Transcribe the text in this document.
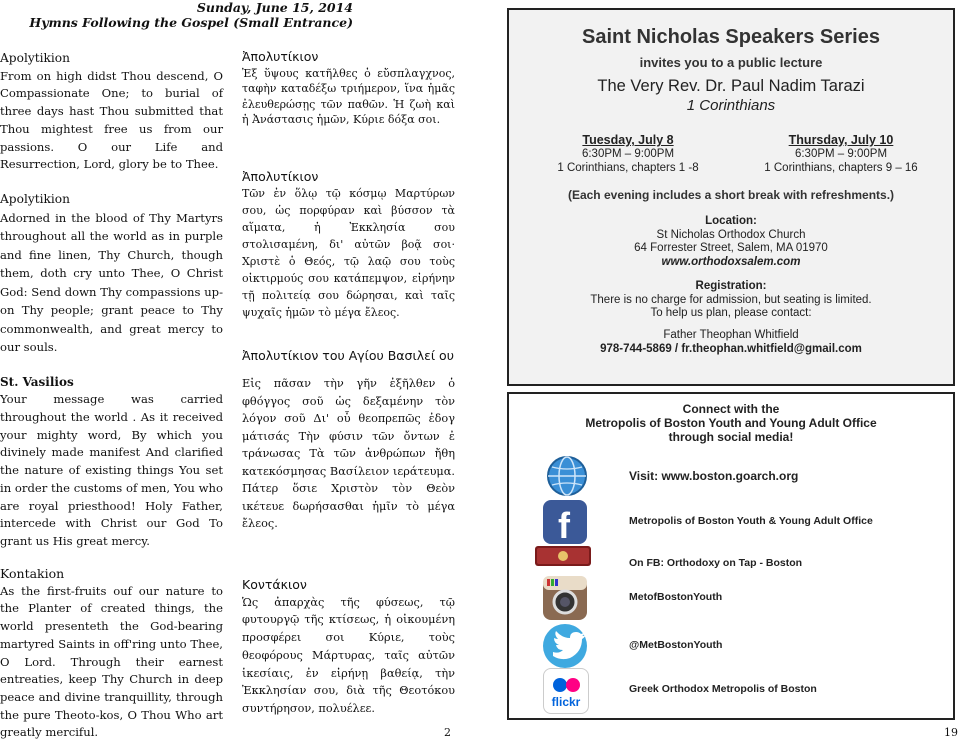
Sunday, June 15, 2014
Hymns Following the Gospel (Small Entrance)

Apolytikion

From on high didst Thou descend, O Compassionate One; to burial of three days hast Thou submitted that Thou mightest free us from our passions. O our Life and Resurrection, Lord, glory be to Thee.

Apolytikion

Adorned in the blood of Thy Martyrs throughout all the world as in purple and fine linen, Thy Church, though them, doth cry unto Thee, O Christ God: Send down Thy compassions up-on Thy people; grant peace to Thy commonwealth, and great mercy to our souls.

St. Vasilios

Your message was carried throughout the world . As it received your mighty word, By which you divinely made manifest And clarified the nature of existing things You set in order the customs of men, You who are royal priesthood! Holy Father, intercede with Christ our God To grant us His great mercy.

Kontakion

As the first-fruits ouf our nature to the Planter of created things, the world presenteth the God-bearing martyred Saints in off'ring unto Thee, O Lord. Through their earnest entreaties, keep Thy Church in deep peace and divine tranquillity, through the pure Theoto-kos, O Thou Who art greatly merciful.

Ἀπολυτίκιον

Ἐξ ὕψους κατῆλθες ὁ εὔσπλαγχνος, ταφὴν καταδέξω τριήμερον, ἵνα ἡμᾶς ἐλευθερώσῃς τῶν παθῶν. Ἡ ζωὴ καὶ ἡ Ἀνάστασις ἡμῶν, Κύριε δόξα σοι.

Ἀπολυτίκιον

Τῶν ἐν ὅλῳ τῷ κόσμῳ Μαρτύρων σου, ὡς πορφύραν καὶ βύσσον τὰ αἵματα, ἡ Ἐκκλησία σου στολισαμένη, δι' αὐτῶν βοᾷ σοι· Χριστὲ ὁ Θεός, τῷ λαῷ σου τοὺς οἰκτιρμούς σου κατάπεμψον, εἰρήνην τῇ πολιτείᾳ σου δώρησαι, καὶ ταῖς ψυχαῖς ἡμῶν τὸ μέγα ἔλεος.

Ἀπολυτίκιον του Αγίου Βασιλεί ου

Εἰς πᾶσαν τὴν γῆν ἐξῆλθεν ὁ φθόγγος σοῦ ὡς δεξαμένην τὸν λόγον σοῦ Δι' οὗ θεοπρεπῶς ἐδογ μάτισάς Τὴν φύσιν τῶν ὄντων ἐ τράνωσας Τὰ τῶν ἀνθρώπων ἤθη κατεκόσμησας Βασίλειον ιεράτευμα. Πάτερ ὅσιε Χριστὸν τὸν Θεὸν ικέτευε δωρήσασθαι ἡμῖν τὸ μέγα ἔλεος.

Κοντάκιον

Ὡς ἀπαρχὰς τῆς φύσεως, τῷ φυτουργῷ τῆς κτίσεως, ἡ οἰκουμένη προσφέρει σοι Κύριε, τοὺς θεοφόρους Μάρτυρας, ταῖς αὐτῶν ἱκεσίαις, ἐν εἰρήνῃ βαθείᾳ, τὴν Ἐκκλησίαν σου, διὰ τῆς Θεοτόκου συντήρησον, πολυέλεε.

Saint Nicholas Speakers Series
invites you to a public lecture
The Very Rev. Dr. Paul Nadim Tarazi
1 Corinthians
Tuesday, July 8
6:30PM – 9:00PM
1 Corinthians, chapters 1 -8
Thursday, July 10
6:30PM – 9:00PM
1 Corinthians, chapters 9 – 16
(Each evening includes a short break with refreshments.)
Location:
St Nicholas Orthodox Church
64 Forrester Street, Salem, MA 01970
www.orthodoxsalem.com
Registration:
There is no charge for admission, but seating is limited.
To help us plan, please contact:
Father Theophan Whitfield
978-744-5869 / fr.theophan.whitfield@gmail.com
Connect with the
Metropolis of Boston Youth and Young Adult Office
through social media!
Visit: www.boston.goarch.org
f	Metropolis of Boston Youth & Young Adult Office
On FB: Orthodoxy on Tap - Boston
MetofBostonYouth
@MetBostonYouth
flickr
Greek Orthodox Metropolis of Boston
2	19
